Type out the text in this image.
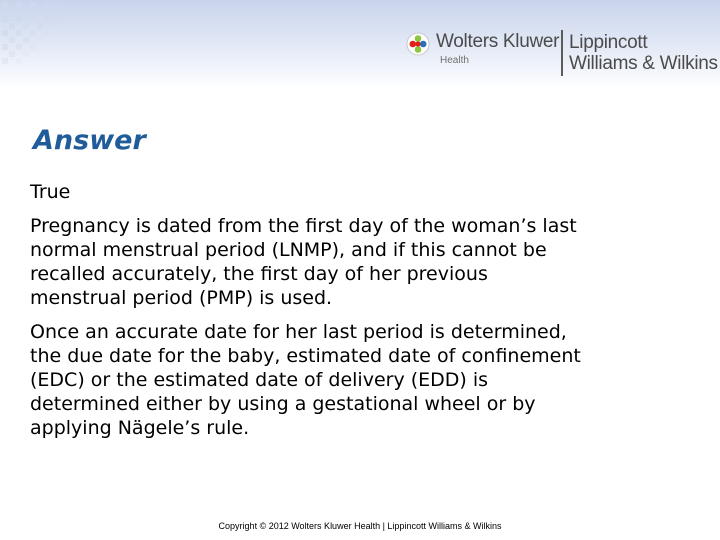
Wolters Kluwer
Health
Lippincott
Williams & Wilkins
Answer

True

Pregnancy is dated from the first day of the woman’s last
normal menstrual period (LNMP), and if this cannot be
recalled accurately, the first day of her previous
menstrual period (PMP) is used.

Once an accurate date for her last period is determined,
the due date for the baby, estimated date of confinement
(EDC) or the estimated date of delivery (EDD) is
determined either by using a gestational wheel or by
applying Nägele’s rule.

Copyright © 2012 Wolters Kluwer Health | Lippincott Williams & Wilkins
